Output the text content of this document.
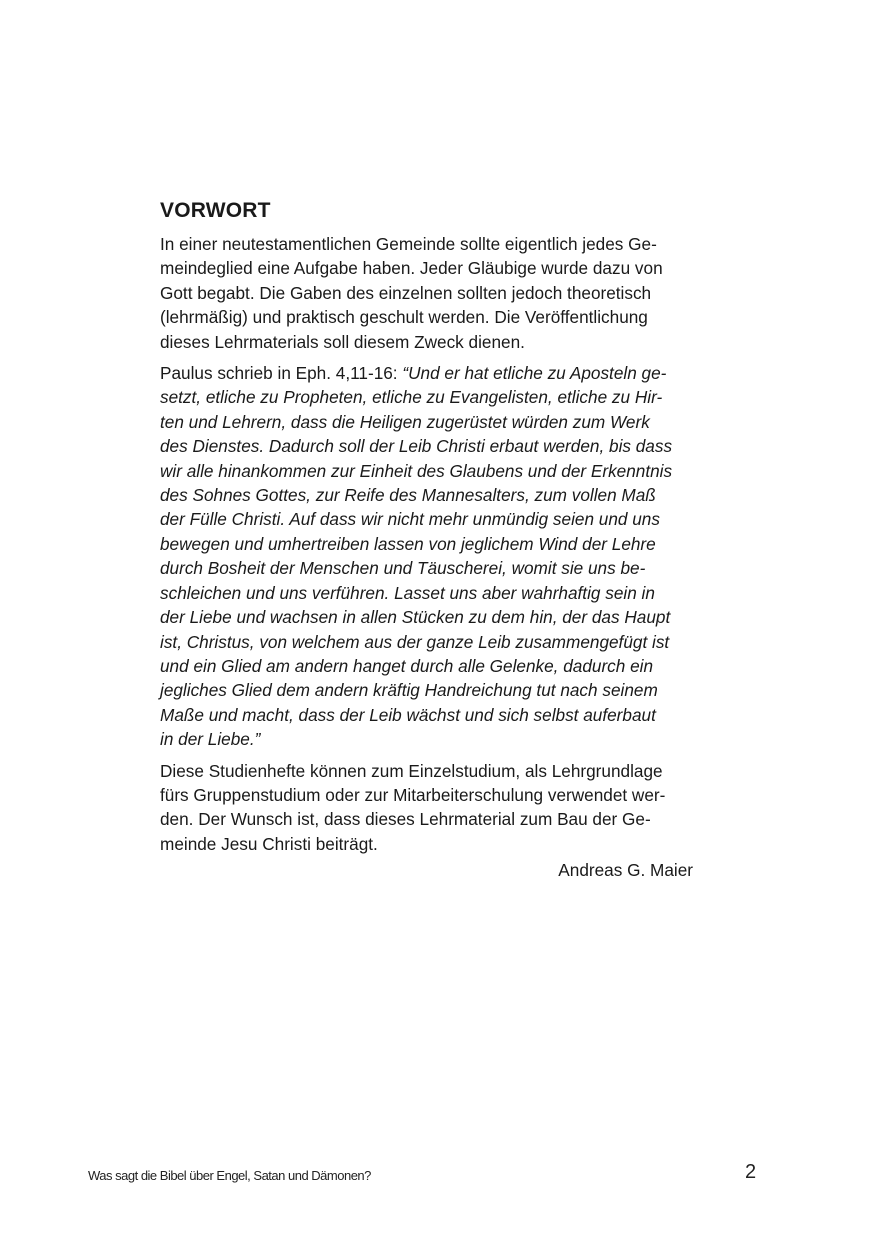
VORWORT
In einer neutestamentlichen Gemeinde sollte eigentlich jedes Ge-
meindeglied eine Aufgabe haben. Jeder Gläubige wurde dazu von
Gott begabt. Die Gaben des einzelnen sollten jedoch theoretisch
(lehrmäßig) und praktisch geschult werden. Die Veröffentlichung
dieses Lehrmaterials soll diesem Zweck dienen.
Paulus schrieb in Eph. 4,11-16: “Und er hat etliche zu Aposteln ge-
setzt, etliche zu Propheten, etliche zu Evangelisten, etliche zu Hir-
ten und Lehrern, dass die Heiligen zugerüstet würden zum Werk
des Dienstes. Dadurch soll der Leib Christi erbaut werden, bis dass
wir alle hinankommen zur Einheit des Glaubens und der Erkenntnis
des Sohnes Gottes, zur Reife des Mannesalters, zum vollen Maß
der Fülle Christi. Auf dass wir nicht mehr unmündig seien und uns
bewegen und umhertreiben lassen von jeglichem Wind der Lehre
durch Bosheit der Menschen und Täuscherei, womit sie uns be-
schleichen und uns verführen. Lasset uns aber wahrhaftig sein in
der Liebe und wachsen in allen Stücken zu dem hin, der das Haupt
ist, Christus, von welchem aus der ganze Leib zusammengefügt ist
und ein Glied am andern hanget durch alle Gelenke, dadurch ein
jegliches Glied dem andern kräftig Handreichung tut nach seinem
Maße und macht, dass der Leib wächst und sich selbst auferbaut
in der Liebe.”
Diese Studienhefte können zum Einzelstudium, als Lehrgrundlage
fürs Gruppenstudium oder zur Mitarbeiterschulung verwendet wer-
den. Der Wunsch ist, dass dieses Lehrmaterial zum Bau der Ge-
meinde Jesu Christi beiträgt.
Andreas G. Maier
Was sagt die Bibel über Engel, Satan und Dämonen?	2
